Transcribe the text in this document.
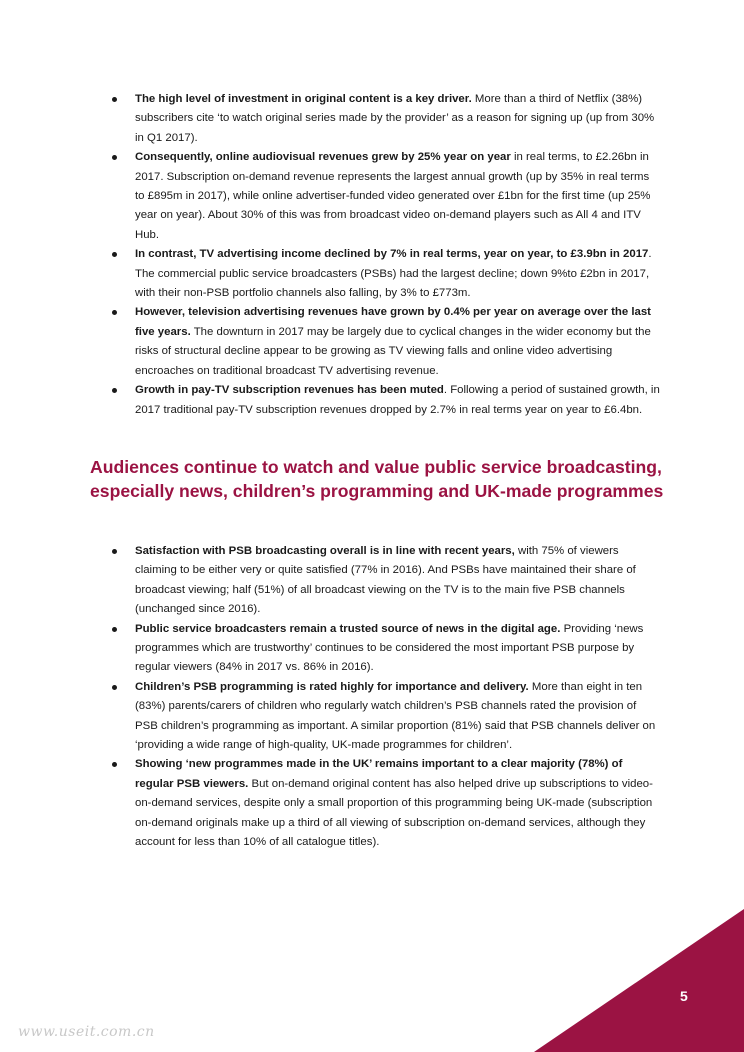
The high level of investment in original content is a key driver. More than a third of Netflix (38%) subscribers cite ‘to watch original series made by the provider’ as a reason for signing up (up from 30% in Q1 2017).
Consequently, online audiovisual revenues grew by 25% year on year in real terms, to £2.26bn in 2017. Subscription on-demand revenue represents the largest annual growth (up by 35% in real terms to £895m in 2017), while online advertiser-funded video generated over £1bn for the first time (up 25% year on year). About 30% of this was from broadcast video on-demand players such as All 4 and ITV Hub.
In contrast, TV advertising income declined by 7% in real terms, year on year, to £3.9bn in 2017. The commercial public service broadcasters (PSBs) had the largest decline; down 9%to £2bn in 2017, with their non-PSB portfolio channels also falling, by 3% to £773m.
However, television advertising revenues have grown by 0.4% per year on average over the last five years. The downturn in 2017 may be largely due to cyclical changes in the wider economy but the risks of structural decline appear to be growing as TV viewing falls and online video advertising encroaches on traditional broadcast TV advertising revenue.
Growth in pay-TV subscription revenues has been muted. Following a period of sustained growth, in 2017 traditional pay-TV subscription revenues dropped by 2.7% in real terms year on year to £6.4bn.
Audiences continue to watch and value public service broadcasting, especially news, children’s programming and UK-made programmes
Satisfaction with PSB broadcasting overall is in line with recent years, with 75% of viewers claiming to be either very or quite satisfied (77% in 2016). And PSBs have maintained their share of broadcast viewing; half (51%) of all broadcast viewing on the TV is to the main five PSB channels (unchanged since 2016).
Public service broadcasters remain a trusted source of news in the digital age. Providing ‘news programmes which are trustworthy’ continues to be considered the most important PSB purpose by regular viewers (84% in 2017 vs. 86% in 2016).
Children’s PSB programming is rated highly for importance and delivery. More than eight in ten (83%) parents/carers of children who regularly watch children’s PSB channels rated the provision of PSB children’s programming as important. A similar proportion (81%) said that PSB channels deliver on ‘providing a wide range of high-quality, UK-made programmes for children’.
Showing ‘new programmes made in the UK’ remains important to a clear majority (78%) of regular PSB viewers. But on-demand original content has also helped drive up subscriptions to video-on-demand services, despite only a small proportion of this programming being UK-made (subscription on-demand originals make up a third of all viewing of subscription on-demand services, although they account for less than 10% of all catalogue titles).
5
www.useit.com.cn
